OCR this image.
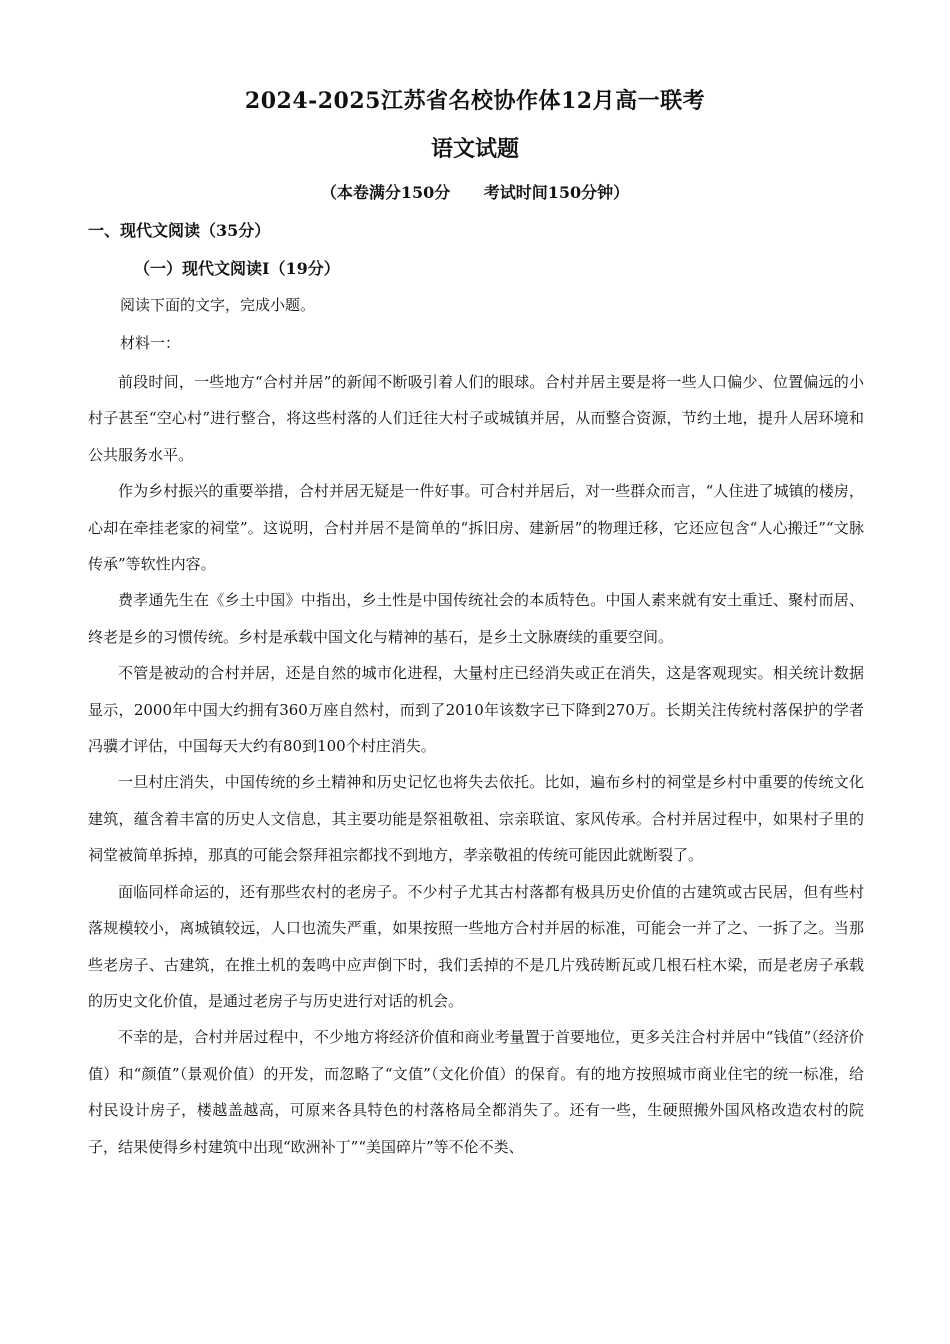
2024-2025江苏省名校协作体12月高一联考
语文试题
（本卷满分150分      考试时间150分钟）
一、现代文阅读（35分）
（一）现代文阅读Ⅰ（19分）
阅读下面的文字，完成小题。
材料一：

前段时间，一些地方“合村并居”的新闻不断吸引着人们的眼球。合村并居主要是将一些人口偏少、位置偏远的小村子甚至“空心村”进行整合，将这些村落的人们迁往大村子或城镇并居，从而整合资源，节约土地，提升人居环境和公共服务水平。

作为乡村振兴的重要举措，合村并居无疑是一件好事。可合村并居后，对一些群众而言，“人住进了城镇的楼房，心却在牵挂老家的祠堂”。这说明，合村并居不是简单的“拆旧房、建新居”的物理迁移，它还应包含“人心搬迁”“文脉传承”等软性内容。

费孝通先生在《乡土中国》中指出，乡土性是中国传统社会的本质特色。中国人素来就有安土重迁、聚村而居、终老是乡的习惯传统。乡村是承载中国文化与精神的基石，是乡土文脉赓续的重要空间。

不管是被动的合村并居，还是自然的城市化进程，大量村庄已经消失或正在消失，这是客观现实。相关统计数据显示，2000年中国大约拥有360万座自然村，而到了2010年该数字已下降到270万。长期关注传统村落保护的学者冯骥才评估，中国每天大约有80到100个村庄消失。

一旦村庄消失，中国传统的乡土精神和历史记忆也将失去依托。比如，遍布乡村的祠堂是乡村中重要的传统文化建筑，蕴含着丰富的历史人文信息，其主要功能是祭祖敬祖、宗亲联谊、家风传承。合村并居过程中，如果村子里的祠堂被简单拆掉，那真的可能会祭拜祖宗都找不到地方，孝亲敬祖的传统可能因此就断裂了。

面临同样命运的，还有那些农村的老房子。不少村子尤其古村落都有极具历史价值的古建筑或古民居，但有些村落规模较小，离城镇较远，人口也流失严重，如果按照一些地方合村并居的标准，可能会一并了之、一拆了之。当那些老房子、古建筑，在推土机的轰鸣中应声倒下时，我们丢掉的不是几片残砖断瓦或几根石柱木梁，而是老房子承载的历史文化价值，是通过老房子与历史进行对话的机会。

不幸的是，合村并居过程中，不少地方将经济价值和商业考量置于首要地位，更多关注合村并居中“钱值”（经济价值）和“颜值”（景观价值）的开发，而忽略了“文值”（文化价值）的保育。有的地方按照城市商业住宅的统一标准，给村民设计房子，楼越盖越高，可原来各具特色的村落格局全都消失了。还有一些，生硬照搬外国风格改造农村的院子，结果使得乡村建筑中出现“欧洲补丁”“美国碎片”等不伦不类、
